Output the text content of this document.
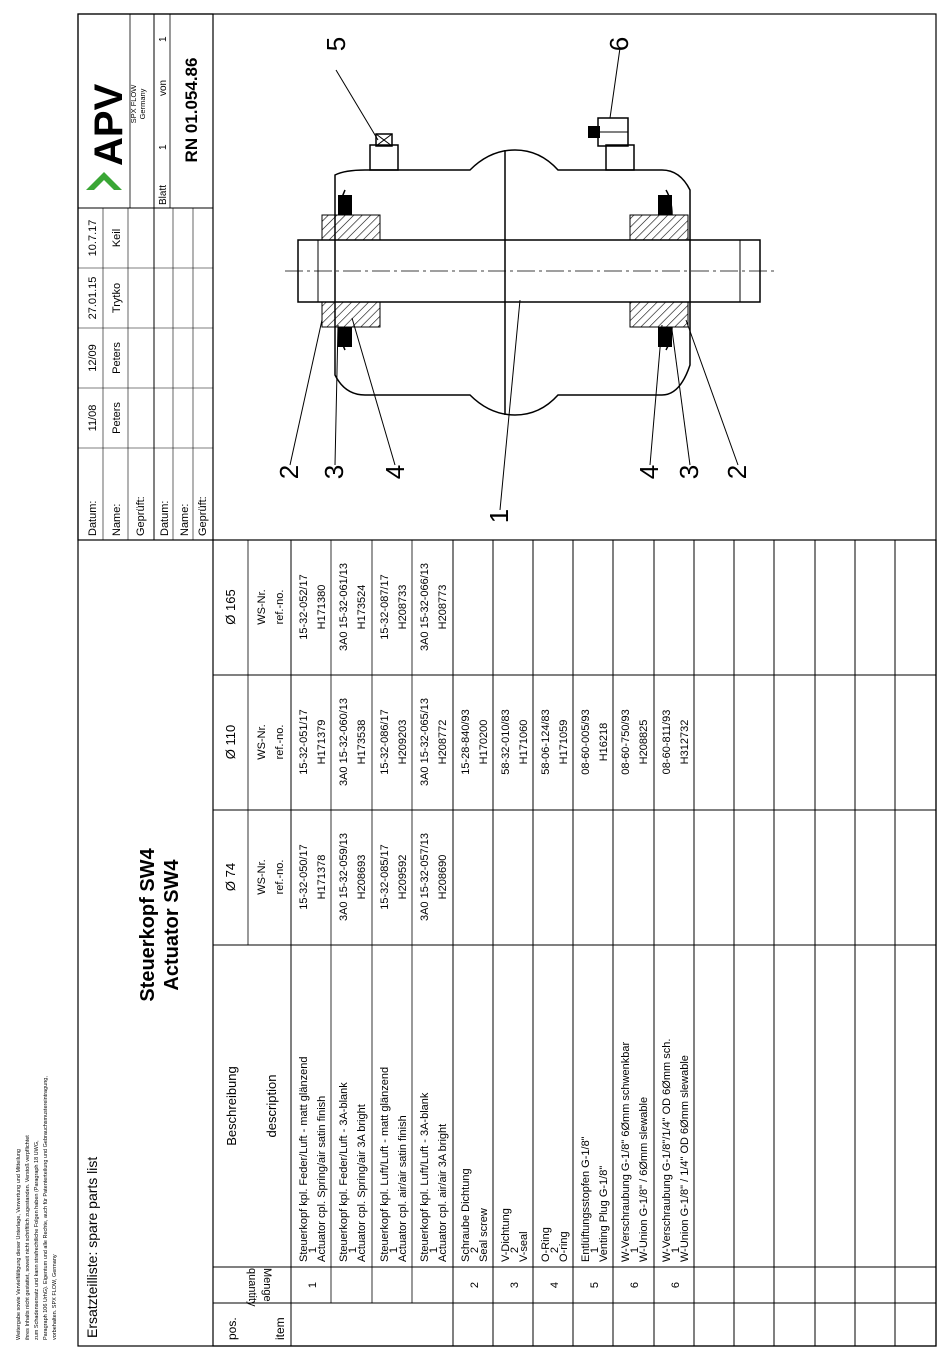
Weitergabe sowie Vervielfältigung dieser Unterlage, Verwertung und Mitteilung ihres Inhalts nicht gestattet, soweit nicht schriftlich zugestanden. Verstoß verpflichtet zum Schadensersatz und kann strafrechtliche Folgen haben (Paragraph 18 UWG, Paragraph 106 UrhG). Eigentum und alle Rechte, auch für Patenterteilung und Gebrauchsmustereintragung, vorbehalten. SPX FLOW, Germany Ersatzteilliste: spare parts list
Steuerkopf SW4 Actuator SW4
pos.	item
Menge
quantity
Beschreibung description
Ø 74
Ø 110
Ø 165
WS-Nr. ref.-no.
WS-Nr. ref.-no.
WS-Nr. ref.-no.
1
1
Steuerkopf kpl. Feder/Luft - matt glänzend Actuator cpl. Spring/air satin finish
15-32-050/17 H171378
15-32-051/17 H171379
15-32-052/17 H171380
1
Steuerkopf kpl. Feder/Luft - 3A-blank Actuator cpl. Spring/air 3A bright
3A0 15-32-059/13 H208693
3A0 15-32-060/13 H173538
3A0 15-32-061/13 H173524
1
Steuerkopf kpl. Luft/Luft - matt glänzend Actuator cpl. air/air satin finish
15-32-085/17 H209592
15-32-086/17 H209203
15-32-087/17 H208733
1
Steuerkopf kpl. Luft/Luft - 3A-blank Actuator cpl. air/air 3A bright
3A0 15-32-057/13 H208690
3A0 15-32-065/13 H208772
3A0 15-32-066/13 H208773
2
2
Schraube Dichtung Seal screw
15-28-840/93 H170200
3
2
V-Dichtung V-seal
58-32-010/83 H171060
4
2
O-Ring O-ring
58-06-124/83 H171059
5
1
Entlüftungsstopfen G-1/8" Venting Plug G-1/8"
08-60-005/93 H16218
6
1
W-Verschraubung G-1/8" 6Ømm schwenkbar W-Union G-1/8" / 6Ømm slewable
08-60-750/93 H208825
6
1
W-Verschraubung G-1/8"/1/4" OD 6Ømm sch. W-Union G-1/8" / 1/4" OD 6Ømm slewable
08-60-811/93 H312732
Datum: Name: Geprüft: Datum: Name: Geprüft:
11/08
12/09
27.01.15
10.7.17
Peters
Peters
Trytko
Keil
APV
SPX FLOW Germany
Blatt
1
von
1
RN 01.054.86
2 3 4
1
4 3 2
5	6
